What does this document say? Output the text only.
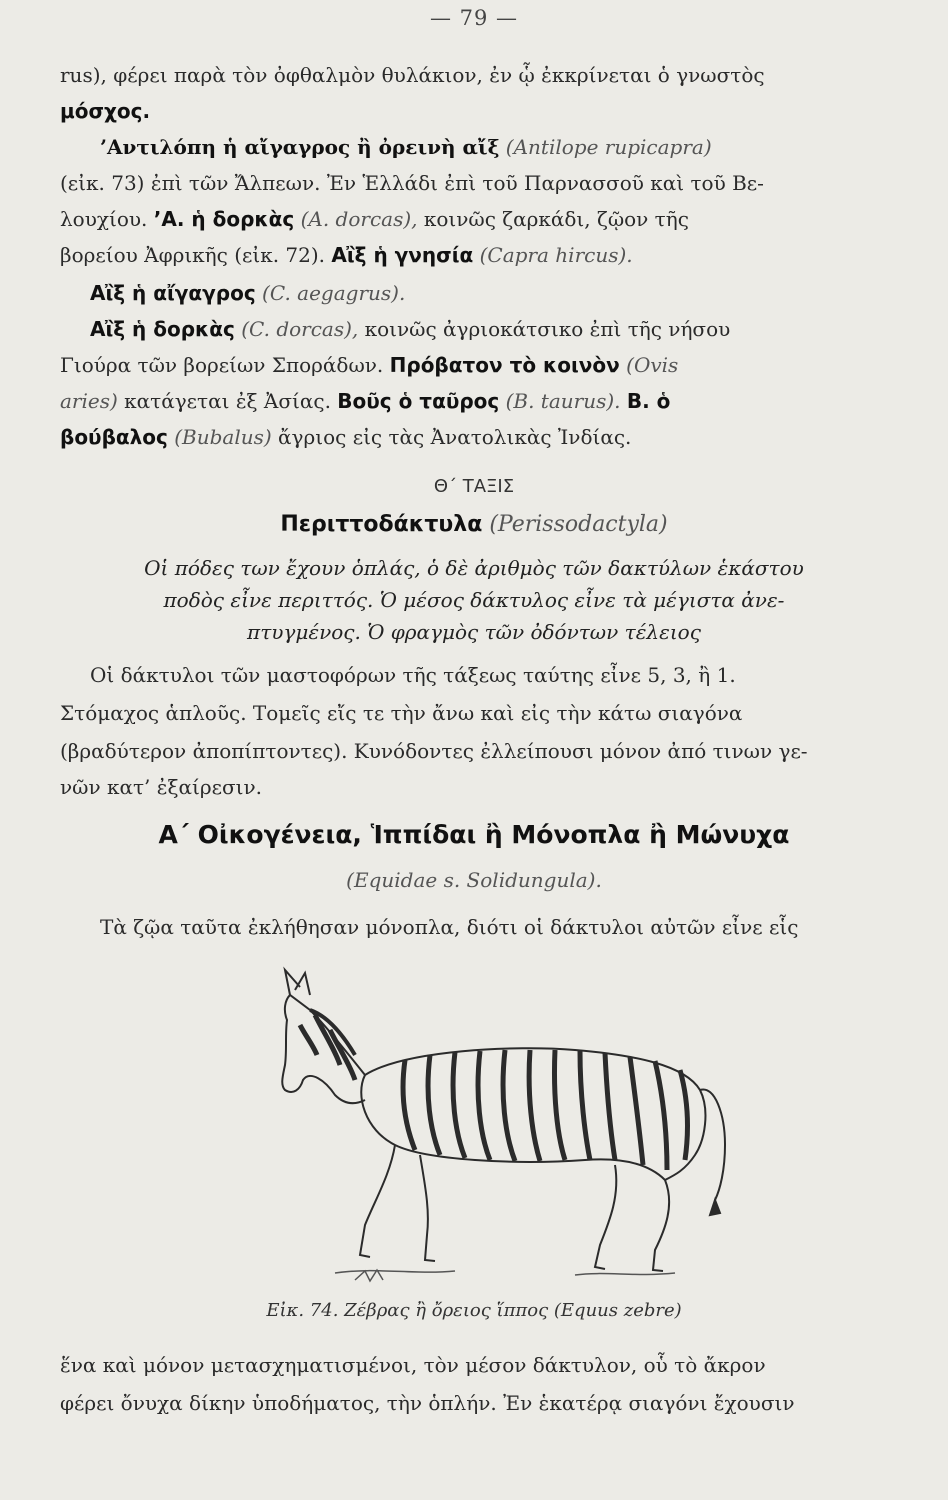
— 79 —
rus), φέρει παρὰ τὸν ὀφθαλμὸν θυλάκιον, ἐν ᾧ ἐκκρίνεται ὁ γνωστὸς
μόσχος.
’Αντιλόπη ἡ αἴγαγρος ἢ ὀρεινὴ αἴξ (Antilope rupicapra)
(εἰκ. 73) ἐπὶ τῶν Ἄλπεων. Ἐν Ἑλλάδι ἐπὶ τοῦ Παρνασσοῦ καὶ τοῦ Βε-
λουχίου. ’Α. ἡ δορκὰς (A. dorcas), κοινῶς ζαρκάδι, ζῷον τῆς
βορείου Ἀφρικῆς (εἰκ. 72). Αἲξ ἡ γνησία (Capra hircus).
Αἲξ ἡ αἴγαγρος (C. aegagrus).
Αἲξ ἡ δορκὰς (C. dorcas), κοινῶς ἀγριοκάτσικο ἐπὶ τῆς νήσου
Γιούρα τῶν βορείων Σποράδων. Πρόβατον τὸ κοινὸν (Ovis
aries) κατάγεται ἐξ Ἀσίας. Βοῦς ὁ ταῦρος (B. taurus). Β. ὁ
βούβαλος (Bubalus) ἄγριος εἰς τὰς Ἀνατολικὰς Ἰνδίας.
Θ΄ ΤΑΞΙΣ
Περιττοδάκτυλα (Perissodactyla)
Οἱ πόδες των ἔχουν ὁπλάς, ὁ δὲ ἀριθμὸς τῶν δακτύλων ἑκάστου
ποδὸς εἶνε περιττός. Ὁ μέσος δάκτυλος εἶνε τὰ μέγιστα ἀνε-
πτυγμένος. Ὁ φραγμὸς τῶν ὀδόντων τέλειος
Οἱ δάκτυλοι τῶν μαστοφόρων τῆς τάξεως ταύτης εἶνε 5, 3, ἢ 1.
Στόμαχος ἁπλοῦς. Τομεῖς εἴς τε τὴν ἄνω καὶ εἰς τὴν κάτω σιαγόνα
(βραδύτερον ἀποπίπτοντες). Κυνόδοντες ἐλλείπουσι μόνον ἀπό τινων γε-
νῶν κατ’ ἐξαίρεσιν.
Α΄ Οἰκογένεια, Ἱππίδαι ἢ Μόνοπλα ἢ Μώνυχα
(Equidae s. Solidungula).
Τὰ ζῷα ταῦτα ἐκλήθησαν μόνοπλα, διότι οἱ δάκτυλοι αὐτῶν εἶνε εἷς
Εἰκ. 74. Ζέβρας ἢ ὄρειος ἵππος (Equus zebre)
ἕνα καὶ μόνον μετασχηματισμένοι, τὸν μέσον δάκτυλον, οὗ τὸ ἄκρον
φέρει ὄνυχα δίκην ὑποδήματος, τὴν ὁπλήν. Ἐν ἑκατέρᾳ σιαγόνι ἔχουσιν
